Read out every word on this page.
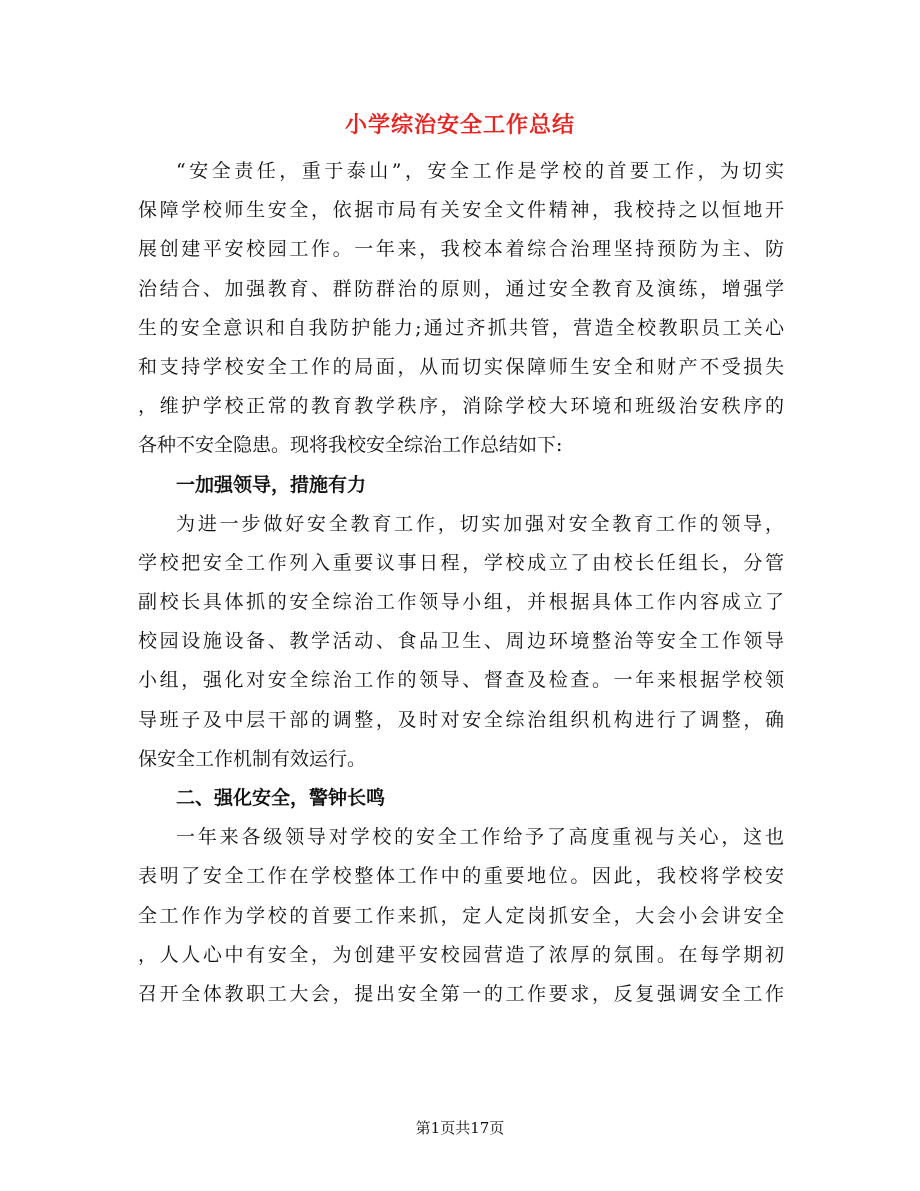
小学综治安全工作总结
“安全责任，重于泰山”，安全工作是学校的首要工作，为切实
保障学校师生安全，依据市局有关安全文件精神，我校持之以恒地开
展创建平安校园工作。一年来，我校本着综合治理坚持预防为主、防
治结合、加强教育、群防群治的原则，通过安全教育及演练，增强学
生的安全意识和自我防护能力;通过齐抓共管，营造全校教职员工关心
和支持学校安全工作的局面，从而切实保障师生安全和财产不受损失
，维护学校正常的教育教学秩序，消除学校大环境和班级治安秩序的
各种不安全隐患。现将我校安全综治工作总结如下:
一加强领导，措施有力
为进一步做好安全教育工作，切实加强对安全教育工作的领导，
学校把安全工作列入重要议事日程，学校成立了由校长任组长，分管
副校长具体抓的安全综治工作领导小组，并根据具体工作内容成立了
校园设施设备、教学活动、食品卫生、周边环境整治等安全工作领导
小组，强化对安全综治工作的领导、督查及检查。一年来根据学校领
导班子及中层干部的调整，及时对安全综治组织机构进行了调整，确
保安全工作机制有效运行。
二、强化安全，警钟长鸣
一年来各级领导对学校的安全工作给予了高度重视与关心，这也
表明了安全工作在学校整体工作中的重要地位。因此，我校将学校安
全工作作为学校的首要工作来抓，定人定岗抓安全，大会小会讲安全
，人人心中有安全，为创建平安校园营造了浓厚的氛围。在每学期初
召开全体教职工大会，提出安全第一的工作要求，反复强调安全工作
第1页共17页
